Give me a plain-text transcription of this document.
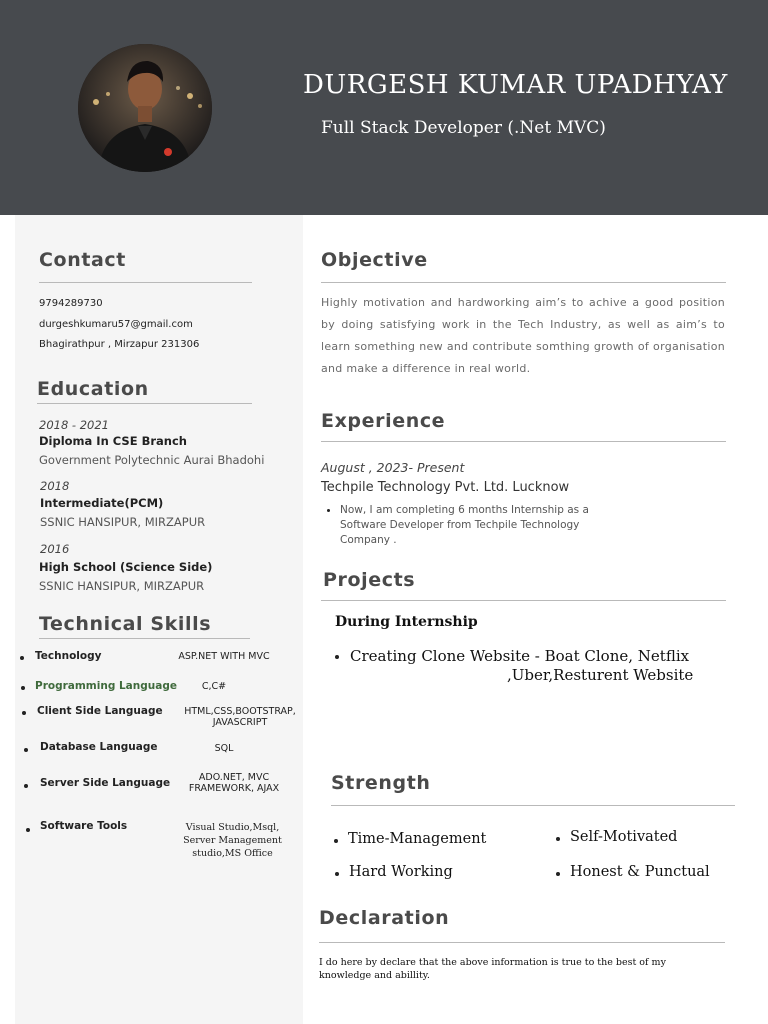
DURGESH KUMAR UPADHYAY
Full Stack Developer (.Net MVC)
Contact
9794289730
durgeshkumaru57@gmail.com
Bhagirathpur , Mirzapur 231306
Education
2018 - 2021
Diploma In CSE Branch
Government Polytechnic Aurai Bhadohi
2018
Intermediate(PCM)
SSNIC HANSIPUR, MIRZAPUR
2016
High School (Science Side)
SSNIC HANSIPUR, MIRZAPUR
Technical Skills
Technology	ASP.NET WITH MVC
Programming Language	C,C#
Client Side Language	HTML,CSS,BOOTSTRAP, JAVASCRIPT
Database Language	SQL
Server Side Language	ADO.NET, MVC FRAMEWORK, AJAX
Software Tools	Visual Studio,Msql, Server Management studio,MS Office
Objective
Highly motivation and hardworking aim’s to achive a good position by doing satisfying work in the Tech Industry, as well as aim’s to learn something new and contribute somthing growth of organisation and make a difference in real world.
Experience
August , 2023- Present
Techpile Technology Pvt. Ltd. Lucknow
Now, I am completing 6 months Internship as a Software Developer from Techpile Technology Company .
Projects
During Internship
Creating Clone Website - Boat Clone, Netflix
,Uber,Resturent Website
Strength
Time-Management	Self-Motivated
Hard Working	Honest & Punctual
Declaration
I do here by declare that the above information is true to the best of my knowledge and abillity.
